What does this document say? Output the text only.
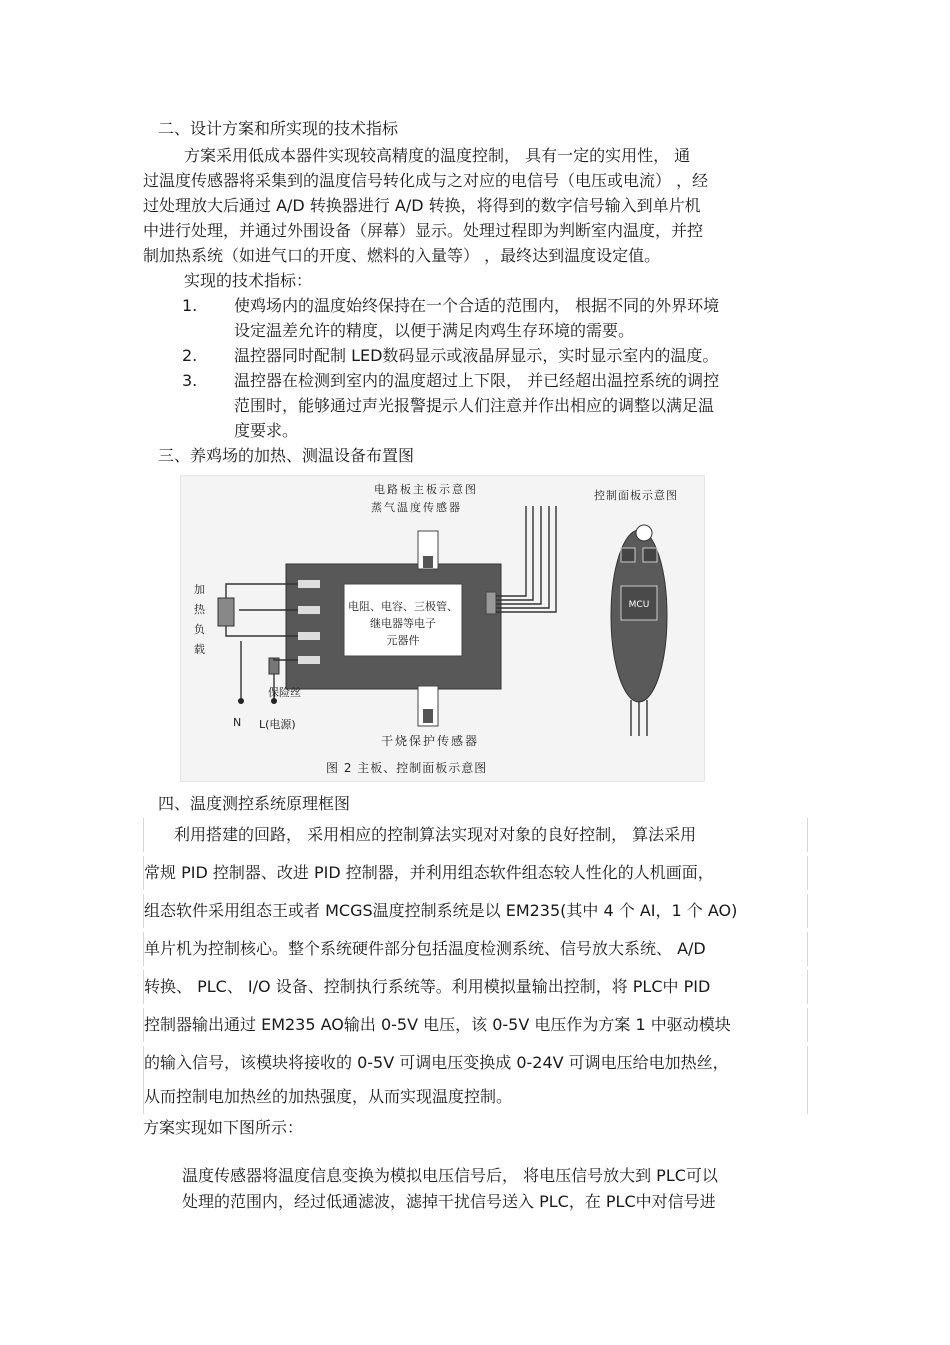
二、设计方案和所实现的技术指标
方案采用低成本器件实现较高精度的温度控制， 具有一定的实用性， 通
过温度传感器将采集到的温度信号转化成与之对应的电信号（电压或电流） ，经
过处理放大后通过 A/D 转换器进行 A/D 转换，将得到的数字信号输入到单片机
中进行处理，并通过外围设备（屏幕）显示。处理过程即为判断室内温度，并控
制加热系统（如进气口的开度、燃料的入量等） ，最终达到温度设定值。
实现的技术指标：
1. 使鸡场内的温度始终保持在一个合适的范围内， 根据不同的外界环境
设定温差允许的精度，以便于满足肉鸡生存环境的需要。
2. 温控器同时配制 LED数码显示或液晶屏显示，实时显示室内的温度。
3. 温控器在检测到室内的温度超过上下限， 并已经超出温控系统的调控
范围时，能够通过声光报警提示人们注意并作出相应的调整以满足温
度要求。
三、养鸡场的加热、测温设备布置图
MCU
电路板主板示意图
蒸气温度传感器
控制面板示意图
加
热
负
载
电阻、电容、三极管、
继电器等电子
元器件
保险丝
N L(电源)
干烧保护传感器
图 2 主板、控制面板示意图
四、温度测控系统原理框图
利用搭建的回路， 采用相应的控制算法实现对对象的良好控制， 算法采用
常规 PID 控制器、改进 PID 控制器，并利用组态软件组态较人性化的人机画面，
组态软件采用组态王或者 MCGS温度控制系统是以 EM235(其中 4 个 AI，1 个 AO)
单片机为控制核心。整个系统硬件部分包括温度检测系统、信号放大系统、 A/D
转换、 PLC、 I/O 设备、控制执行系统等。利用模拟量输出控制，将 PLC中 PID
控制器输出通过 EM235 AO输出 0-5V 电压，该 0-5V 电压作为方案 1 中驱动模块
的输入信号，该模块将接收的 0-5V 可调电压变换成 0-24V 可调电压给电加热丝，
从而控制电加热丝的加热强度，从而实现温度控制。
方案实现如下图所示：
温度传感器将温度信息变换为模拟电压信号后， 将电压信号放大到 PLC可以
处理的范围内，经过低通滤波，滤掉干扰信号送入 PLC，在 PLC中对信号进
